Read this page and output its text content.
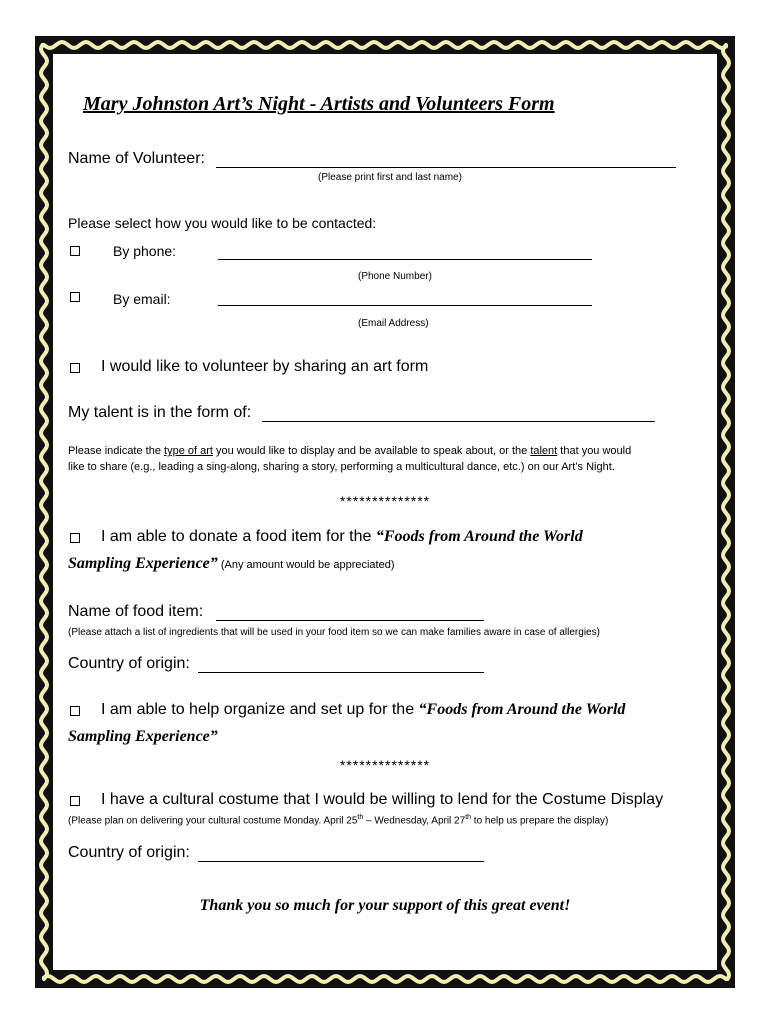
Mary Johnston Art’s Night - Artists and Volunteers Form
Name of Volunteer:
(Please print first and last name)
Please select how you would like to be contacted:
By phone:
(Phone Number)
By email:
(Email Address)
I would like to volunteer by sharing an art form
My talent is in the form of:
Please indicate the type of art you would like to display and be available to speak about, or the talent that you would
like to share (e.g., leading a sing-along, sharing a story, performing a multicultural dance, etc.) on our Art’s Night.
**************
I am able to donate a food item for the “Foods from Around the World
Sampling Experience” (Any amount would be appreciated)
Name of food item:
(Please attach a list of ingredients that will be used in your food item so we can make families aware in case of allergies)
Country of origin:
I am able to help organize and set up for the “Foods from Around the World
Sampling Experience”
**************
I have a cultural costume that I would be willing to lend for the Costume Display
(Please plan on delivering your cultural costume Monday. April 25th – Wednesday, April 27th to help us prepare the display)
Country of origin:
Thank you so much for your support of this great event!
